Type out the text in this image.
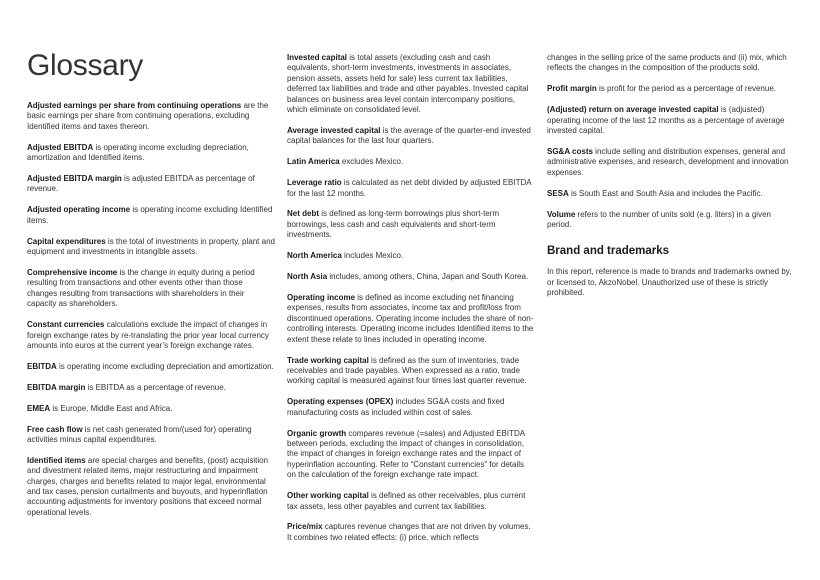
Glossary

Adjusted earnings per share from continuing operations are the basic earnings per share from continuing operations, excluding Identified items and taxes thereon.

Adjusted EBITDA is operating income excluding depreciation, amortization and Identified items.

Adjusted EBITDA margin is adjusted EBITDA as percentage of revenue.

Adjusted operating income is operating income excluding Identified items.

Capital expenditures is the total of investments in property, plant and equipment and investments in intangible assets.

Comprehensive income is the change in equity during a period resulting from transactions and other events other than those changes resulting from transactions with shareholders in their capacity as shareholders.

Constant currencies calculations exclude the impact of changes in foreign exchange rates by re-translating the prior year local currency amounts into euros at the current year’s foreign exchange rates.

EBITDA is operating income excluding depreciation and amortization.

EBITDA margin is EBITDA as a percentage of revenue.

EMEA is Europe, Middle East and Africa.

Free cash flow is net cash generated from/(used for) operating activities minus capital expenditures.

Identified items are special charges and benefits, (post) acquisition and divestment related items, major restructuring and impairment charges, charges and benefits related to major legal, environmental and tax cases, pension curtailments and buyouts, and hyperinflation accounting adjustments for inventory positions that exceed normal operational levels.

Invested capital is total assets (excluding cash and cash equivalents, short-term investments, investments in associates, pension assets, assets held for sale) less current tax liabilities, deferred tax liabilities and trade and other payables. Invested capital balances on business area level contain intercompany positions, which eliminate on consolidated level.

Average invested capital is the average of the quarter-end invested capital balances for the last four quarters.

Latin America excludes Mexico.

Leverage ratio is calculated as net debt divided by adjusted EBITDA for the last 12 months.

Net debt is defined as long-term borrowings plus short-term borrowings, less cash and cash equivalents and short-term investments.

North America includes Mexico.

North Asia includes, among others, China, Japan and South Korea.

Operating income is defined as income excluding net financing expenses, results from associates, income tax and profit/loss from discontinued operations. Operating income includes the share of non-controlling interests. Operating income includes Identified items to the extent these relate to lines included in operating income.

Trade working capital is defined as the sum of inventories, trade receivables and trade payables. When expressed as a ratio, trade working capital is measured against four times last quarter revenue.

Operating expenses (OPEX) includes SG&A costs and fixed manufacturing costs as included within cost of sales.

Organic growth compares revenue (=sales) and Adjusted EBITDA between periods, excluding the impact of changes in consolidation, the impact of changes in foreign exchange rates and the impact of hyperinflation accounting. Refer to “Constant currencies” for details on the calculation of the foreign exchange rate impact.

Other working capital is defined as other receivables, plus current tax assets, less other payables and current tax liabilities.

Price/mix captures revenue changes that are not driven by volumes. It combines two related effects: (i) price, which reflects

changes in the selling price of the same products and (ii) mix, which reflects the changes in the composition of the products sold.

Profit margin is profit for the period as a percentage of revenue.

(Adjusted) return on average invested capital is (adjusted) operating income of the last 12 months as a percentage of average invested capital.

SG&A costs include selling and distribution expenses, general and administrative expenses, and research, development and innovation expenses.

SESA is South East and South Asia and includes the Pacific.

Volume refers to the number of units sold (e.g. liters) in a given period.

Brand and trademarks

In this report, reference is made to brands and trademarks owned by, or licensed to, AkzoNobel. Unauthorized use of these is strictly prohibited.
